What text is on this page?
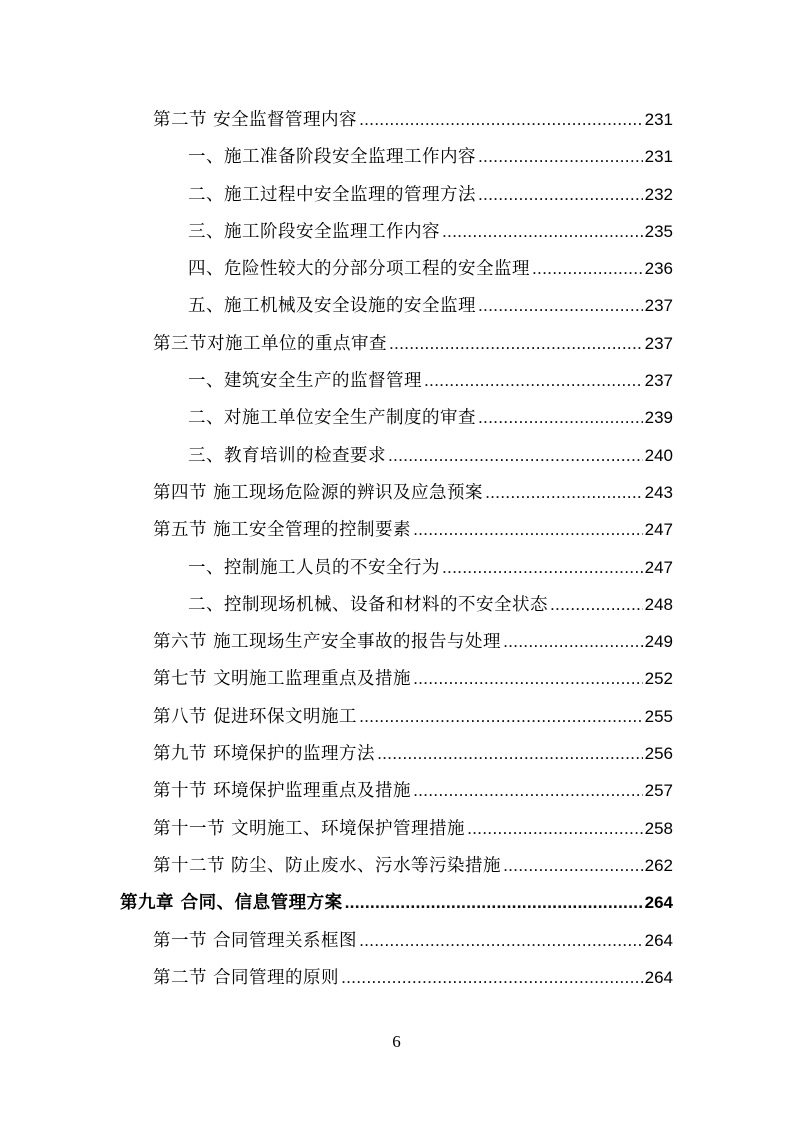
第二节 安全监督管理内容 .....	231
一、施工准备阶段安全监理工作内容 .....	231
二、施工过程中安全监理的管理方法 .....	232
三、施工阶段安全监理工作内容 .....	235
四、危险性较大的分部分项工程的安全监理 .....	236
五、施工机械及安全设施的安全监理 .....	237
第三节对施工单位的重点审查 .....	237
一、建筑安全生产的监督管理 .....	237
二、对施工单位安全生产制度的审查 .....	239
三、教育培训的检查要求 .....	240
第四节 施工现场危险源的辨识及应急预案 .....	243
第五节 施工安全管理的控制要素 .....	247
一、控制施工人员的不安全行为 .....	247
二、控制现场机械、设备和材料的不安全状态 .....	248
第六节 施工现场生产安全事故的报告与处理 .....	249
第七节 文明施工监理重点及措施 .....	252
第八节 促进环保文明施工 .....	255
第九节 环境保护的监理方法 .....	256
第十节 环境保护监理重点及措施 .....	257
第十一节 文明施工、环境保护管理措施 .....	258
第十二节 防尘、防止废水、污水等污染措施 .....	262
第九章 合同、信息管理方案 .....	264
第一节 合同管理关系框图 .....	264
第二节 合同管理的原则 .....	264
6
